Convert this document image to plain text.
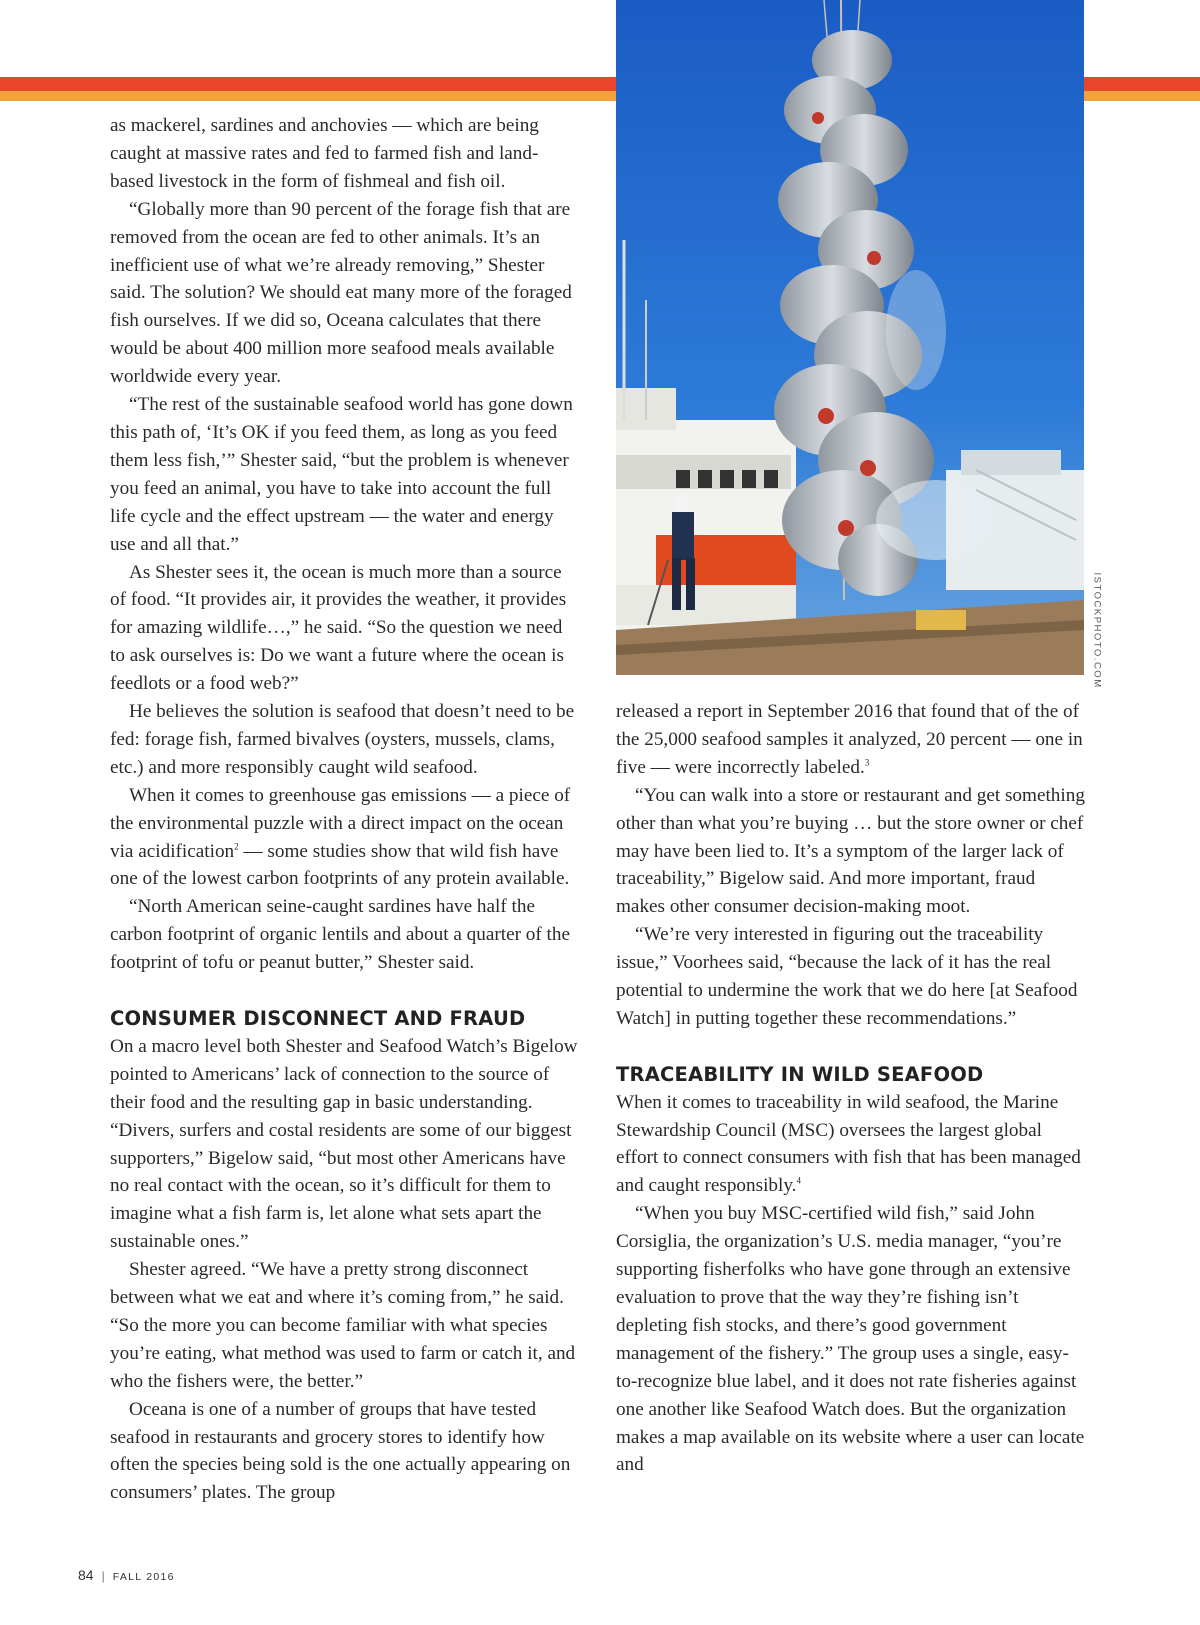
ISTOCKPHOTO.COM

as mackerel, sardines and anchovies — which are being caught at massive rates and fed to farmed fish and land-based livestock in the form of fishmeal and fish oil.

“Globally more than 90 percent of the forage fish that are removed from the ocean are fed to other animals. It’s an inefficient use of what we’re already removing,” Shester said. The solution? We should eat many more of the foraged fish ourselves. If we did so, Oceana calculates that there would be about 400 million more seafood meals available worldwide every year.

“The rest of the sustainable seafood world has gone down this path of, ‘It’s OK if you feed them, as long as you feed them less fish,’” Shester said, “but the problem is whenever you feed an animal, you have to take into account the full life cycle and the effect upstream — the water and energy use and all that.”

As Shester sees it, the ocean is much more than a source of food. “It provides air, it provides the weather, it provides for amazing wildlife…,” he said. “So the question we need to ask ourselves is: Do we want a future where the ocean is feedlots or a food web?”

He believes the solution is seafood that doesn’t need to be fed: forage fish, farmed bivalves (oysters, mussels, clams, etc.) and more responsibly caught wild seafood.

When it comes to greenhouse gas emissions — a piece of the environmental puzzle with a direct impact on the ocean via acidification$^2$ — some studies show that wild fish have one of the lowest carbon footprints of any protein available.

“North American seine-caught sardines have half the carbon footprint of organic lentils and about a quarter of the footprint of tofu or peanut butter,” Shester said.

CONSUMER DISCONNECT AND FRAUD

On a macro level both Shester and Seafood Watch’s Bigelow pointed to Americans’ lack of connection to the source of their food and the resulting gap in basic understanding. “Divers, surfers and costal residents are some of our biggest supporters,” Bigelow said, “but most other Americans have no real contact with the ocean, so it’s difficult for them to imagine what a fish farm is, let alone what sets apart the sustainable ones.”

Shester agreed. “We have a pretty strong disconnect between what we eat and where it’s coming from,” he said. “So the more you can become familiar with what species you’re eating, what method was used to farm or catch it, and who the fishers were, the better.”

Oceana is one of a number of groups that have tested seafood in restaurants and grocery stores to identify how often the species being sold is the one actually appearing on consumers’ plates. The group

released a report in September 2016 that found that of the of the 25,000 seafood samples it analyzed, 20 percent — one in five — were incorrectly labeled.$^3$

“You can walk into a store or restaurant and get something other than what you’re buying … but the store owner or chef may have been lied to. It’s a symptom of the larger lack of traceability,” Bigelow said. And more important, fraud makes other consumer decision-making moot.

“We’re very interested in figuring out the traceability issue,” Voorhees said, “because the lack of it has the real potential to undermine the work that we do here [at Seafood Watch] in putting together these recommendations.”

TRACEABILITY IN WILD SEAFOOD

When it comes to traceability in wild seafood, the Marine Stewardship Council (MSC) oversees the largest global effort to connect consumers with fish that has been managed and caught responsibly.$^4$

“When you buy MSC-certified wild fish,” said John Corsiglia, the organization’s U.S. media manager, “you’re supporting fisherfolks who have gone through an extensive evaluation to prove that the way they’re fishing isn’t depleting fish stocks, and there’s good government management of the fishery.” The group uses a single, easy-to-recognize blue label, and it does not rate fisheries against one another like Seafood Watch does. But the organization makes a map available on its website where a user can locate and

84 | FALL 2016
